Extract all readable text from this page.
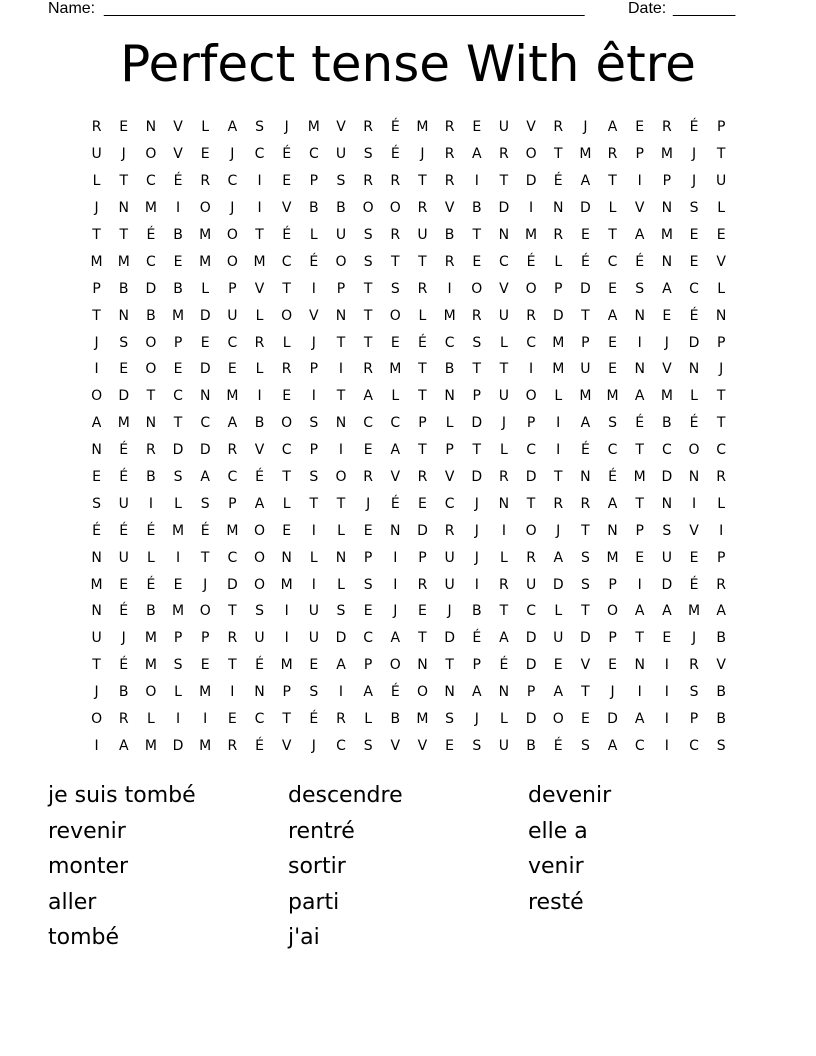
Name: ______________________________________________________	Date: _______
Perfect tense With être
R	E	N	V	L	A	S	J	M	V	R	É	M	R	E	U	V	R	J	A	E	R	É	P
U	J	O	V	E	J	C	É	C	U	S	É	J	R	A	R	O	T	M	R	P	M	J	T
L	T	C	É	R	C	I	E	P	S	R	R	T	R	I	T	D	É	A	T	I	P	J	U
J	N	M	I	O	J	I	V	B	B	O	O	R	V	B	D	I	N	D	L	V	N	S	L
T	T	É	B	M	O	T	É	L	U	S	R	U	B	T	N	M	R	E	T	A	M	E	E
M	M	C	E	M	O	M	C	É	O	S	T	T	R	E	C	É	L	É	C	É	N	E	V
P	B	D	B	L	P	V	T	I	P	T	S	R	I	O	V	O	P	D	E	S	A	C	L
T	N	B	M	D	U	L	O	V	N	T	O	L	M	R	U	R	D	T	A	N	E	É	N
J	S	O	P	E	C	R	L	J	T	T	E	É	C	S	L	C	M	P	E	I	J	D	P
I	E	O	E	D	E	L	R	P	I	R	M	T	B	T	T	I	M	U	E	N	V	N	J
O	D	T	C	N	M	I	E	I	T	A	L	T	N	P	U	O	L	M	M	A	M	L	T
A	M	N	T	C	A	B	O	S	N	C	C	P	L	D	J	P	I	A	S	É	B	É	T
N	É	R	D	D	R	V	C	P	I	E	A	T	P	T	L	C	I	É	C	T	C	O	C
E	É	B	S	A	C	É	T	S	O	R	V	R	V	D	R	D	T	N	É	M	D	N	R
S	U	I	L	S	P	A	L	T	T	J	É	E	C	J	N	T	R	R	A	T	N	I	L
É	É	É	M	É	M	O	E	I	L	E	N	D	R	J	I	O	J	T	N	P	S	V	I
N	U	L	I	T	C	O	N	L	N	P	I	P	U	J	L	R	A	S	M	E	U	E	P
M	E	É	E	J	D	O	M	I	L	S	I	R	U	I	R	U	D	S	P	I	D	É	R
N	É	B	M	O	T	S	I	U	S	E	J	E	J	B	T	C	L	T	O	A	A	M	A
U	J	M	P	P	R	U	I	U	D	C	A	T	D	É	A	D	U	D	P	T	E	J	B
T	É	M	S	E	T	É	M	E	A	P	O	N	T	P	É	D	E	V	E	N	I	R	V
J	B	O	L	M	I	N	P	S	I	A	É	O	N	A	N	P	A	T	J	I	I	S	B
O	R	L	I	I	E	C	T	É	R	L	B	M	S	J	L	D	O	E	D	A	I	P	B
I	A	M	D	M	R	É	V	J	C	S	V	V	E	S	U	B	É	S	A	C	I	C	S
je suis tombé
revenir
monter
aller
tombé
descendre
rentré
sortir
parti
j'ai
devenir
elle a
venir
resté
